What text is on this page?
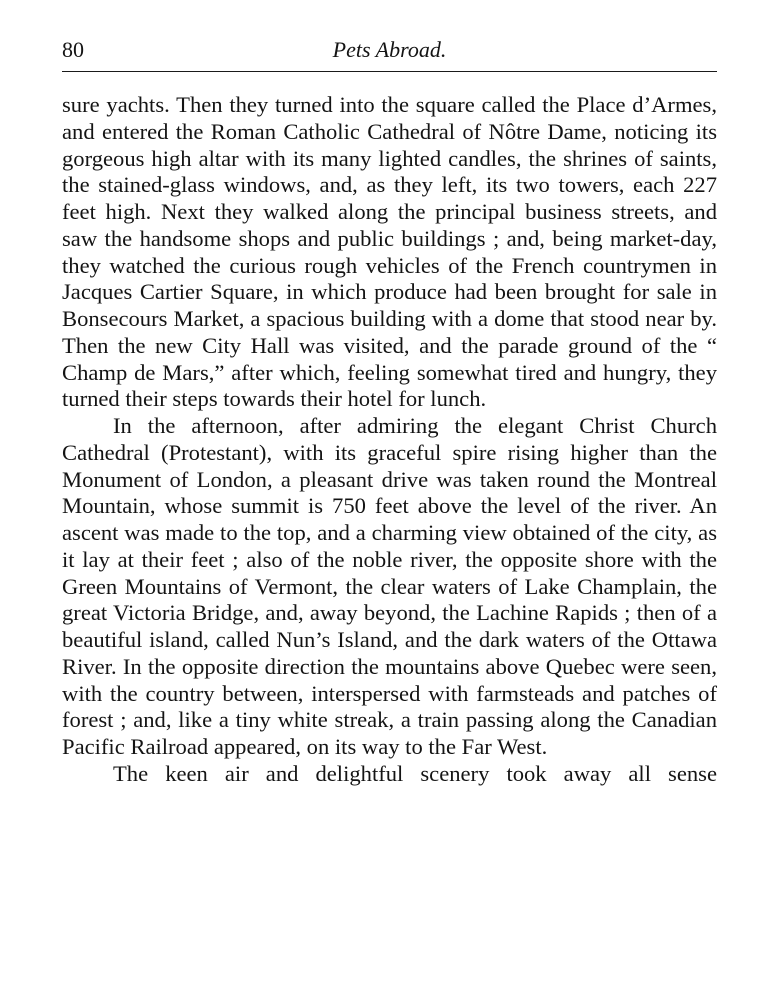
80	Pets Abroad.

sure yachts. Then they turned into the square called the Place d’Armes, and entered the Roman Catholic Cathedral of Nôtre Dame, noticing its gorgeous high altar with its many lighted candles, the shrines of saints, the stained-glass windows, and, as they left, its two towers, each 227 feet high. Next they walked along the principal business streets, and saw the handsome shops and public buildings ; and, being market-day, they watched the curious rough vehicles of the French countrymen in Jacques Cartier Square, in which produce had been brought for sale in Bonsecours Market, a spacious building with a dome that stood near by. Then the new City Hall was visited, and the parade ground of the “ Champ de Mars,” after which, feeling somewhat tired and hungry, they turned their steps towards their hotel for lunch.

In the afternoon, after admiring the elegant Christ Church Cathedral (Protestant), with its graceful spire rising higher than the Monument of London, a pleasant drive was taken round the Montreal Mountain, whose summit is 750 feet above the level of the river. An ascent was made to the top, and a charming view obtained of the city, as it lay at their feet ; also of the noble river, the opposite shore with the Green Mountains of Vermont, the clear waters of Lake Champlain, the great Victoria Bridge, and, away beyond, the Lachine Rapids ; then of a beautiful island, called Nun’s Island, and the dark waters of the Ottawa River. In the opposite direction the mountains above Quebec were seen, with the country between, interspersed with farmsteads and patches of forest ; and, like a tiny white streak, a train passing along the Canadian Pacific Railroad appeared, on its way to the Far West.

The keen air and delightful scenery took away all sense
